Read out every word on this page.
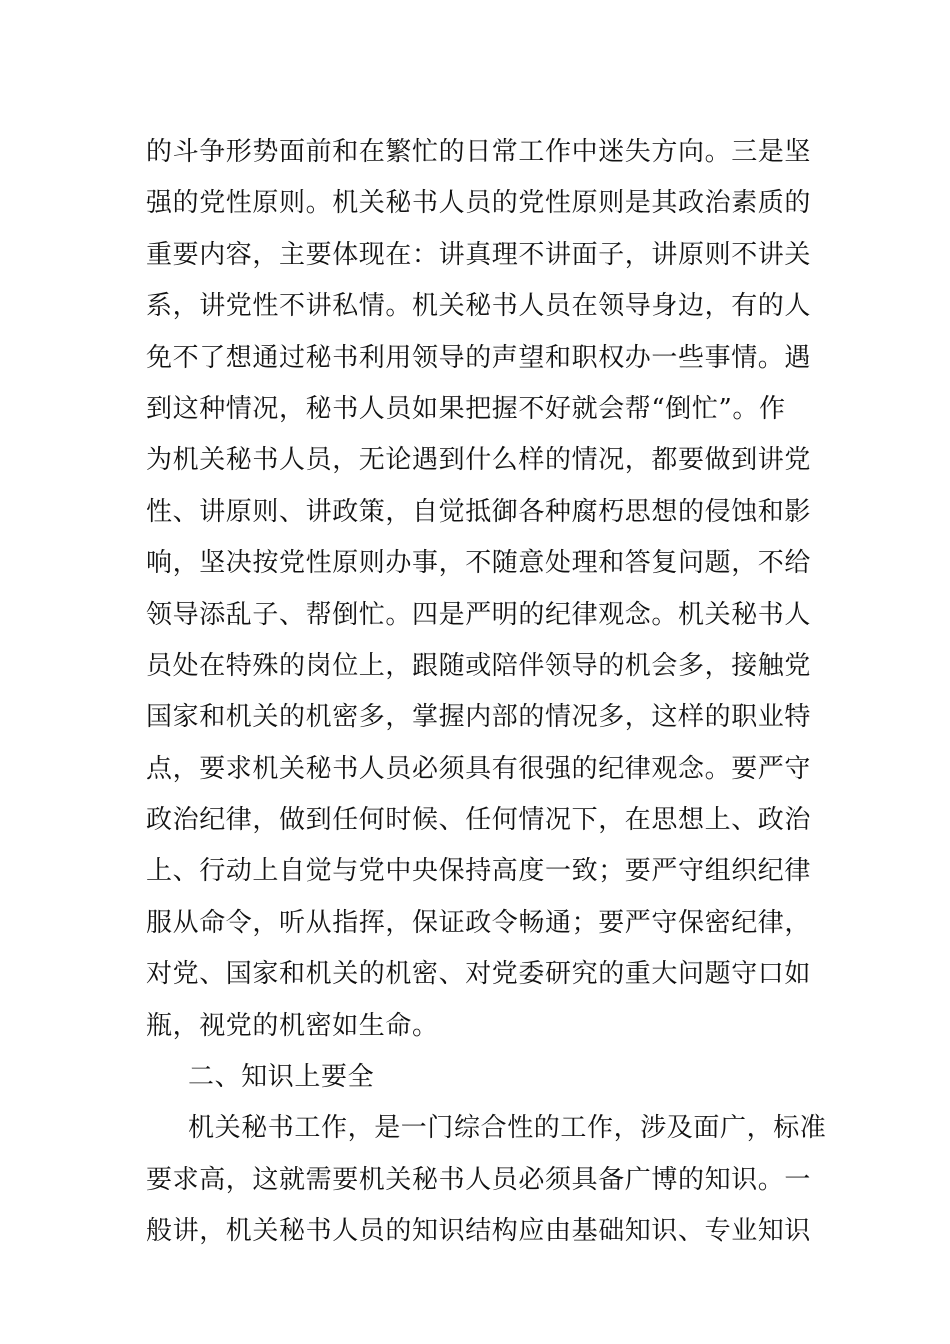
的斗争形势面前和在繁忙的日常工作中迷失方向。三是坚
强的党性原则。机关秘书人员的党性原则是其政治素质的
重要内容，主要体现在：讲真理不讲面子，讲原则不讲关
系，讲党性不讲私情。机关秘书人员在领导身边，有的人
免不了想通过秘书利用领导的声望和职权办一些事情。遇
到这种情况，秘书人员如果把握不好就会帮“倒忙”。作
为机关秘书人员，无论遇到什么样的情况，都要做到讲党
性、讲原则、讲政策，自觉抵御各种腐朽思想的侵蚀和影
响，坚决按党性原则办事，不随意处理和答复问题，不给
领导添乱子、帮倒忙。四是严明的纪律观念。机关秘书人
员处在特殊的岗位上，跟随或陪伴领导的机会多，接触党
国家和机关的机密多，掌握内部的情况多，这样的职业特
点，要求机关秘书人员必须具有很强的纪律观念。要严守
政治纪律，做到任何时候、任何情况下，在思想上、政治
上、行动上自觉与党中央保持高度一致；要严守组织纪律
服从命令，听从指挥，保证政令畅通；要严守保密纪律，
对党、国家和机关的机密、对党委研究的重大问题守口如
瓶，视党的机密如生命。
二、知识上要全
机关秘书工作，是一门综合性的工作，涉及面广，标准
要求高，这就需要机关秘书人员必须具备广博的知识。一
般讲，机关秘书人员的知识结构应由基础知识、专业知识
